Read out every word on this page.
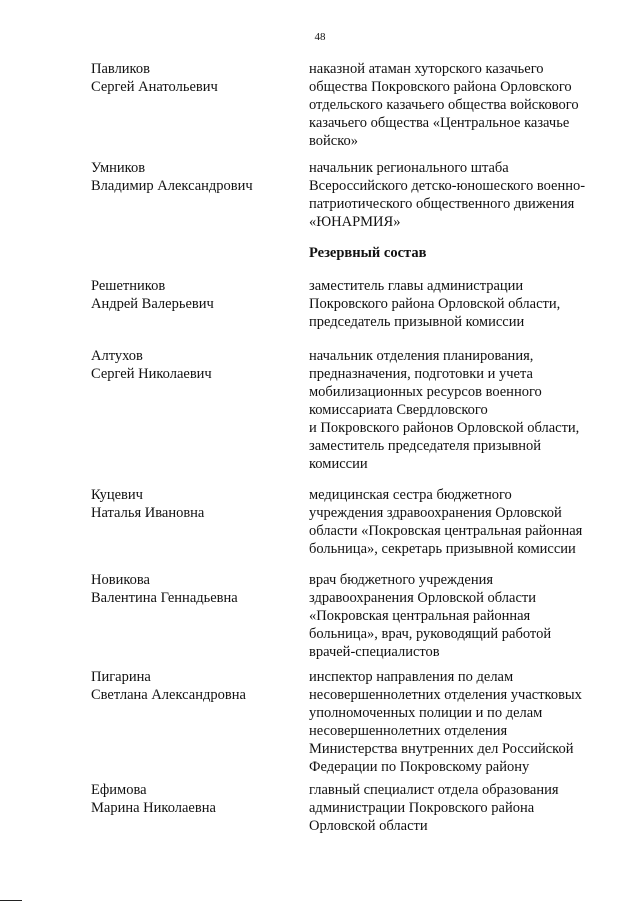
48
Павликов
Сергей Анатольевич
наказной атаман хуторского казачьего
общества Покровского района Орловского
отдельского казачьего общества войскового
казачьего общества «Центральное казачье
войско»
Умников
Владимир Александрович
начальник регионального штаба
Всероссийского детско-юношеского военно-
патриотического общественного движения
«ЮНАРМИЯ»
Резервный состав
Решетников
Андрей Валерьевич
заместитель главы администрации
Покровского района Орловской области,
председатель призывной комиссии
Алтухов
Сергей Николаевич
начальник отделения планирования,
предназначения, подготовки и учета
мобилизационных ресурсов военного
комиссариата Свердловского
и Покровского районов Орловской области,
заместитель председателя призывной
комиссии
Куцевич
Наталья Ивановна
медицинская сестра бюджетного
учреждения здравоохранения Орловской
области «Покровская центральная районная
больница», секретарь призывной комиссии
Новикова
Валентина Геннадьевна
врач бюджетного учреждения
здравоохранения Орловской области
«Покровская центральная районная
больница», врач, руководящий работой
врачей-специалистов
Пигарина
Светлана Александровна
инспектор направления по делам
несовершеннолетних отделения участковых
уполномоченных полиции и по делам
несовершеннолетних отделения
Министерства внутренних дел Российской
Федерации по Покровскому району
Ефимова
Марина Николаевна
главный специалист отдела образования
администрации Покровского района
Орловской области
